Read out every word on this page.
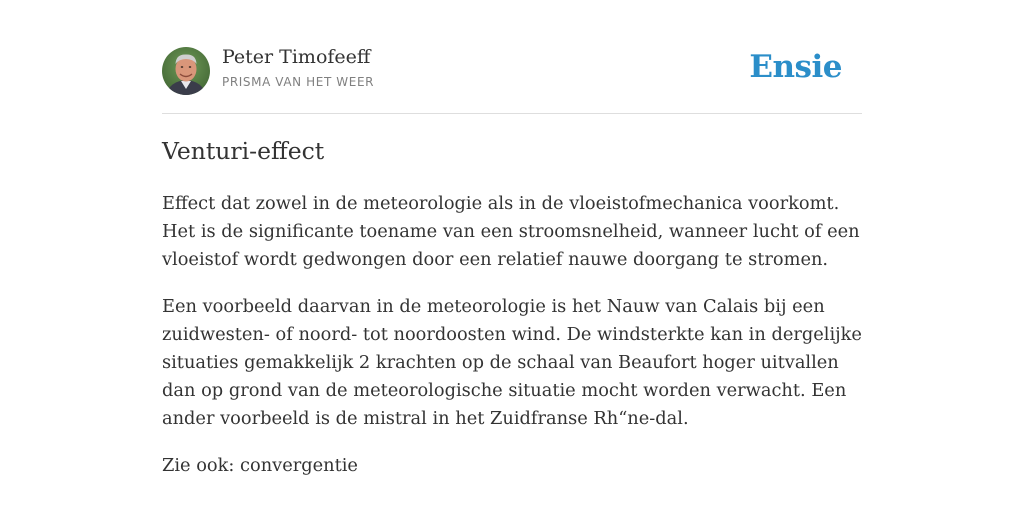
Peter Timofeeff
PRISMA VAN HET WEER	Ensie
Venturi-effect

Effect dat zowel in de meteorologie als in de vloeistofmechanica voorkomt. Het is de significante toename van een stroomsnelheid, wanneer lucht of een vloeistof wordt gedwongen door een relatief nauwe doorgang te stromen.

Een voorbeeld daarvan in de meteorologie is het Nauw van Calais bij een zuidwesten- of noord- tot noordoosten wind. De windsterkte kan in dergelijke situaties gemakkelijk 2 krachten op de schaal van Beaufort hoger uitvallen dan op grond van de meteorologische situatie mocht worden verwacht. Een ander voorbeeld is de mistral in het Zuidfranse Rh“ne-dal.

Zie ook: convergentie
